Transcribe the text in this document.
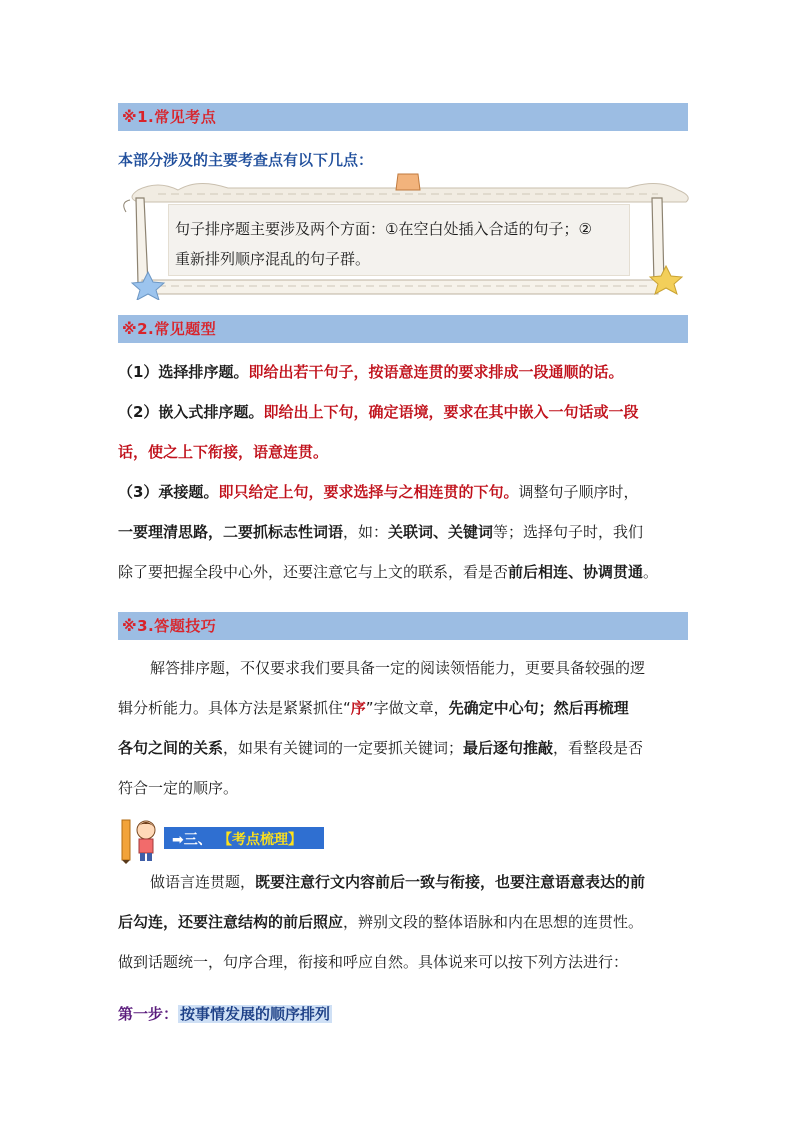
※1.常见考点
本部分涉及的主要考查点有以下几点：
句子排序题主要涉及两个方面：①在空白处插入合适的句子；②
重新排列顺序混乱的句子群。
※2.常见题型
（1）选择排序题。即给出若干句子，按语意连贯的要求排成一段通顺的话。
（2）嵌入式排序题。即给出上下句，确定语境，要求在其中嵌入一句话或一段
话，使之上下衔接，语意连贯。
（3）承接题。即只给定上句，要求选择与之相连贯的下句。调整句子顺序时，
一要理清思路，二要抓标志性词语，如：关联词、关键词等；选择句子时，我们
除了要把握全段中心外，还要注意它与上文的联系，看是否前后相连、协调贯通。
※3.答题技巧
解答排序题，不仅要求我们要具备一定的阅读领悟能力，更要具备较强的逻
辑分析能力。具体方法是紧紧抓住“序”字做文章，先确定中心句；然后再梳理
各句之间的关系，如果有关键词的一定要抓关键词；最后逐句推敲，看整段是否
符合一定的顺序。
➡三、 【考点梳理】
做语言连贯题，既要注意行文内容前后一致与衔接，也要注意语意表达的前
后勾连，还要注意结构的前后照应，辨别文段的整体语脉和内在思想的连贯性。
做到话题统一，句序合理，衔接和呼应自然。具体说来可以按下列方法进行：
第一步： 按事情发展的顺序排列
